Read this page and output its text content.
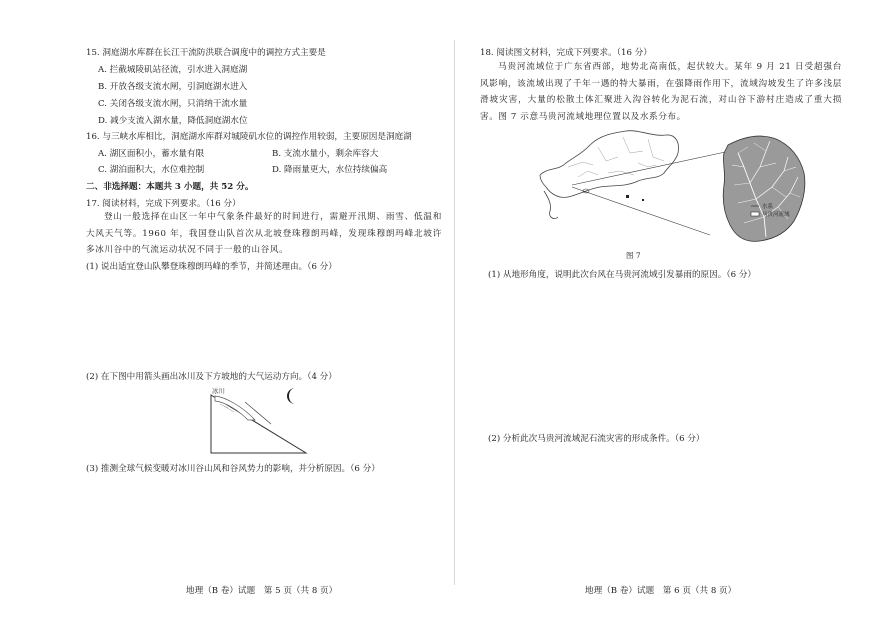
15. 洞庭湖水库群在长江干流防洪联合调度中的调控方式主要是
A. 拦截城陵矶站径流，引水进入洞庭湖
B. 开放各级支流水闸，引洞庭湖水进入
C. 关闭各级支流水闸，只消纳干流水量
D. 减少支流入湖水量，降低洞庭湖水位
16. 与三峡水库相比，洞庭湖水库群对城陵矶水位的调控作用较弱，主要原因是洞庭湖
A. 湖区面积小，蓄水量有限	B. 支流水量小，剩余库容大
C. 湖泊面积大，水位难控制	D. 降雨量更大，水位持续偏高
二、非选择题：本题共 3 小题，共 52 分。
17. 阅读材料，完成下列要求。（16 分）
登山一般选择在山区一年中气象条件最好的时间进行，需避开汛期、雨雪、低温和大风天气等。1960 年，我国登山队首次从北坡登珠穆朗玛峰，发现珠穆朗玛峰北坡许多冰川谷中的气流运动状况不同于一般的山谷风。
(1) 说出适宜登山队攀登珠穆朗玛峰的季节，并简述理由。（6 分）
(2) 在下图中用箭头画出冰川及下方坡地的大气运动方向。（4 分）
冰川
(3) 推测全球气候变暖对冰川谷山风和谷风势力的影响，并分析原因。（6 分）
地理（B 卷）试题　第 5 页（共 8 页）
18. 阅读图文材料，完成下列要求。（16 分）
马贵河流域位于广东省西部，地势北高南低，起伏较大。某年 9 月 21 日受超强台风影响，该流域出现了千年一遇的特大暴雨，在强降雨作用下，流域沟坡发生了许多浅层滑坡灾害，大量的松散土体汇聚进入沟谷转化为泥石流，对山谷下游村庄造成了重大损害。图 7 示意马贵河流域地理位置以及水系分布。
水系
马贵河流域
图 7
(1) 从地形角度，说明此次台风在马贵河流域引发暴雨的原因。（6 分）
(2) 分析此次马贵河流域泥石流灾害的形成条件。（6 分）
地理（B 卷）试题　第 6 页（共 8 页）
